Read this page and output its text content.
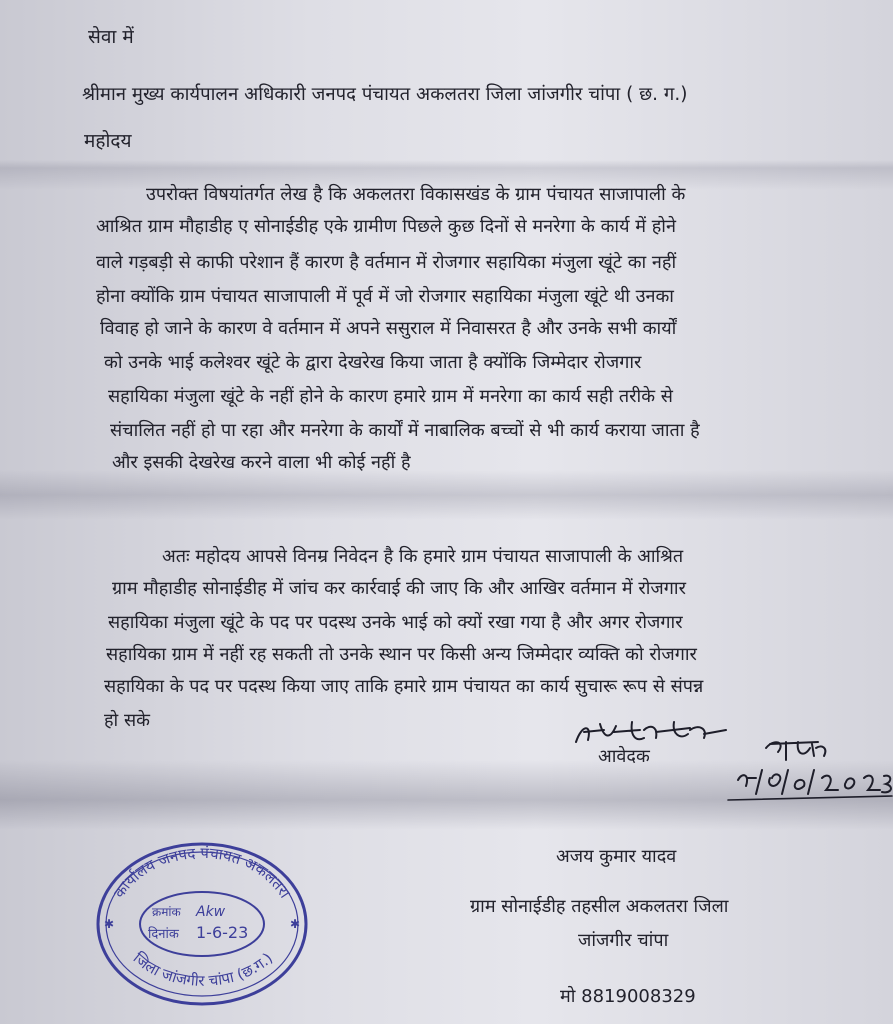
सेवा में
श्रीमान मुख्य कार्यपालन अधिकारी जनपद पंचायत अकलतरा जिला जांजगीर चांपा ( छ. ग.)
महोदय
उपरोक्त विषयांतर्गत लेख है कि अकलतरा विकासखंड के ग्राम पंचायत साजापाली के
आश्रित ग्राम मौहाडीह ए सोनाईडीह एके ग्रामीण पिछले कुछ दिनों से मनरेगा के कार्य में होने
वाले गड़बड़ी से काफी परेशान हैं कारण है वर्तमान में रोजगार सहायिका मंजुला खूंटे का नहीं
होना क्योंकि ग्राम पंचायत साजापाली में पूर्व में जो रोजगार सहायिका मंजुला खूंटे थी उनका
विवाह हो जाने के कारण वे वर्तमान में अपने ससुराल में निवासरत है और उनके सभी कार्यों
को उनके भाई कलेश्वर खूंटे के द्वारा देखरेख किया जाता है क्योंकि जिम्मेदार रोजगार
सहायिका मंजुला खूंटे के नहीं होने के कारण हमारे ग्राम में मनरेगा का कार्य सही तरीके से
संचालित नहीं हो पा रहा और मनरेगा के कार्यों में नाबालिक बच्चों से भी कार्य कराया जाता है
और इसकी देखरेख करने वाला भी कोई नहीं है
अतः महोदय आपसे विनम्र निवेदन है कि हमारे ग्राम पंचायत साजापाली के आश्रित
ग्राम मौहाडीह सोनाईडीह में जांच कर कार्रवाई की जाए कि और आखिर वर्तमान में रोजगार
सहायिका मंजुला खूंटे के पद पर पदस्थ उनके भाई को क्यों रखा गया है और अगर रोजगार
सहायिका ग्राम में नहीं रह सकती तो उनके स्थान पर किसी अन्य जिम्मेदार व्यक्ति को रोजगार
सहायिका के पद पर पदस्थ किया जाए ताकि हमारे ग्राम पंचायत का कार्य सुचारू रूप से संपन्न
हो सके
आवेदक
अजय कुमार यादव
ग्राम सोनाईडीह तहसील अकलतरा जिला
जांजगीर चांपा
मो 8819008329
कार्यालय जनपद पंचायत अकलतरा
जिला जांजगीर चांपा (छ.ग.)
क्रमांक Akw
दिनांक 1-6-23
✱	✱
